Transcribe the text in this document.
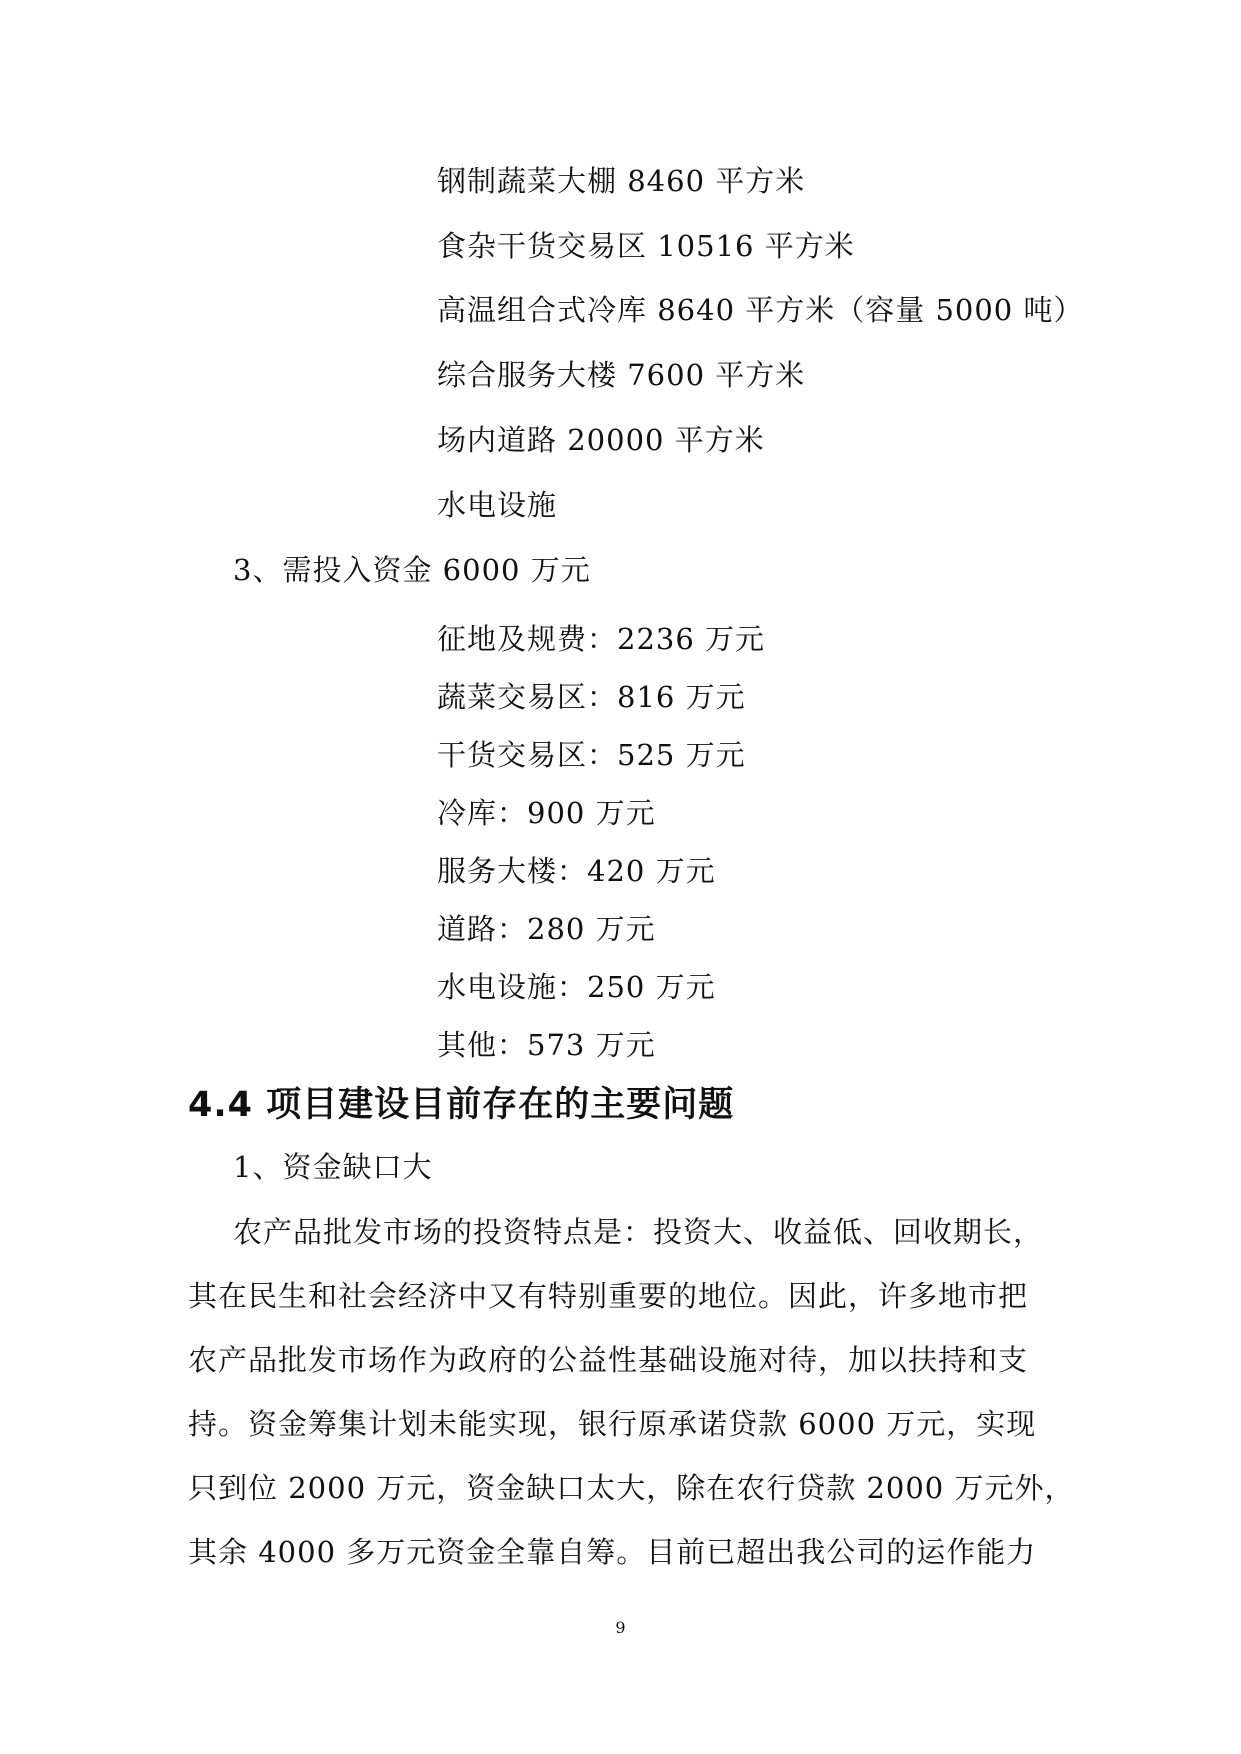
钢制蔬菜大棚 8460 平方米
食杂干货交易区 10516 平方米
高温组合式冷库 8640 平方米（容量 5000 吨）
综合服务大楼 7600 平方米
场内道路 20000 平方米
水电设施
3、需投入资金 6000 万元
征地及规费：2236 万元
蔬菜交易区：816 万元
干货交易区：525 万元
冷库：900 万元
服务大楼：420 万元
道路：280 万元
水电设施：250 万元
其他：573 万元
4.4 项目建设目前存在的主要问题
1、资金缺口大
农产品批发市场的投资特点是：投资大、收益低、回收期长，
其在民生和社会经济中又有特别重要的地位。因此，许多地市把
农产品批发市场作为政府的公益性基础设施对待，加以扶持和支
持。资金筹集计划未能实现，银行原承诺贷款 6000 万元，实现
只到位 2000 万元，资金缺口太大，除在农行贷款 2000 万元外，
其余 4000 多万元资金全靠自筹。目前已超出我公司的运作能力
9
